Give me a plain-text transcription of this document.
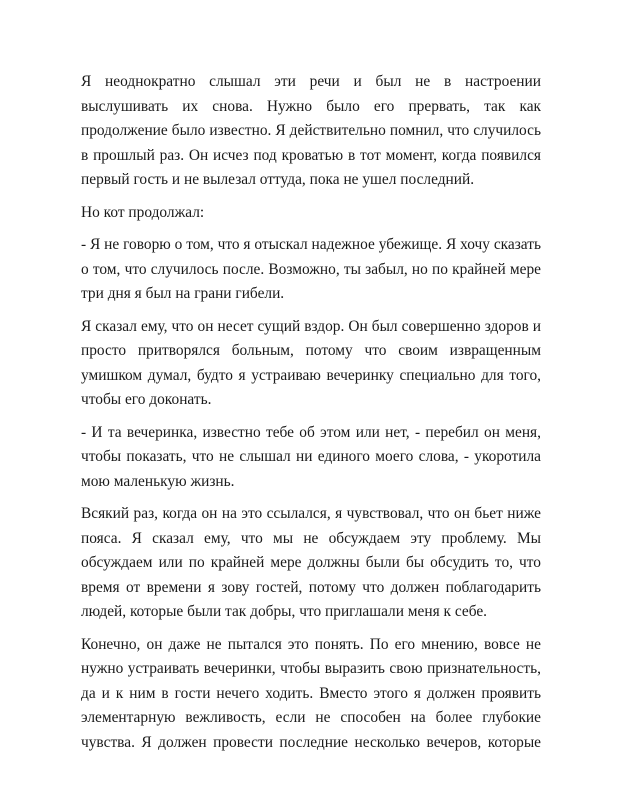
Я неоднократно слышал эти речи и был не в настроении выслушивать их снова. Нужно было его прервать, так как продолжение было известно. Я действительно помнил, что случилось в прошлый раз. Он исчез под кроватью в тот момент, когда появился первый гость и не вылезал оттуда, пока не ушел последний.

Но кот продолжал:

- Я не говорю о том, что я отыскал надежное убежище. Я хочу сказать о том, что случилось после. Возможно, ты забыл, но по крайней мере три дня я был на грани гибели.

Я сказал ему, что он несет сущий вздор. Он был совершенно здоров и просто притворялся больным, потому что своим извращенным умишком думал, будто я устраиваю вечеринку специально для того, чтобы его доконать.

- И та вечеринка, известно тебе об этом или нет, - перебил он меня, чтобы показать, что не слышал ни единого моего слова, - укоротила мою маленькую жизнь.

Всякий раз, когда он на это ссылался, я чувствовал, что он бьет ниже пояса. Я сказал ему, что мы не обсуждаем эту проблему. Мы обсуждаем или по крайней мере должны были бы обсудить то, что время от времени я зову гостей, потому что должен поблагодарить людей, которые были так добры, что приглашали меня к себе.

Конечно, он даже не пытался это понять. По его мнению, вовсе не нужно устраивать вечеринки, чтобы выразить свою признательность, да и к ним в гости нечего ходить. Вместо этого я должен проявить элементарную вежливость, если не способен на более глубокие чувства. Я должен провести последние несколько вечеров, которые
